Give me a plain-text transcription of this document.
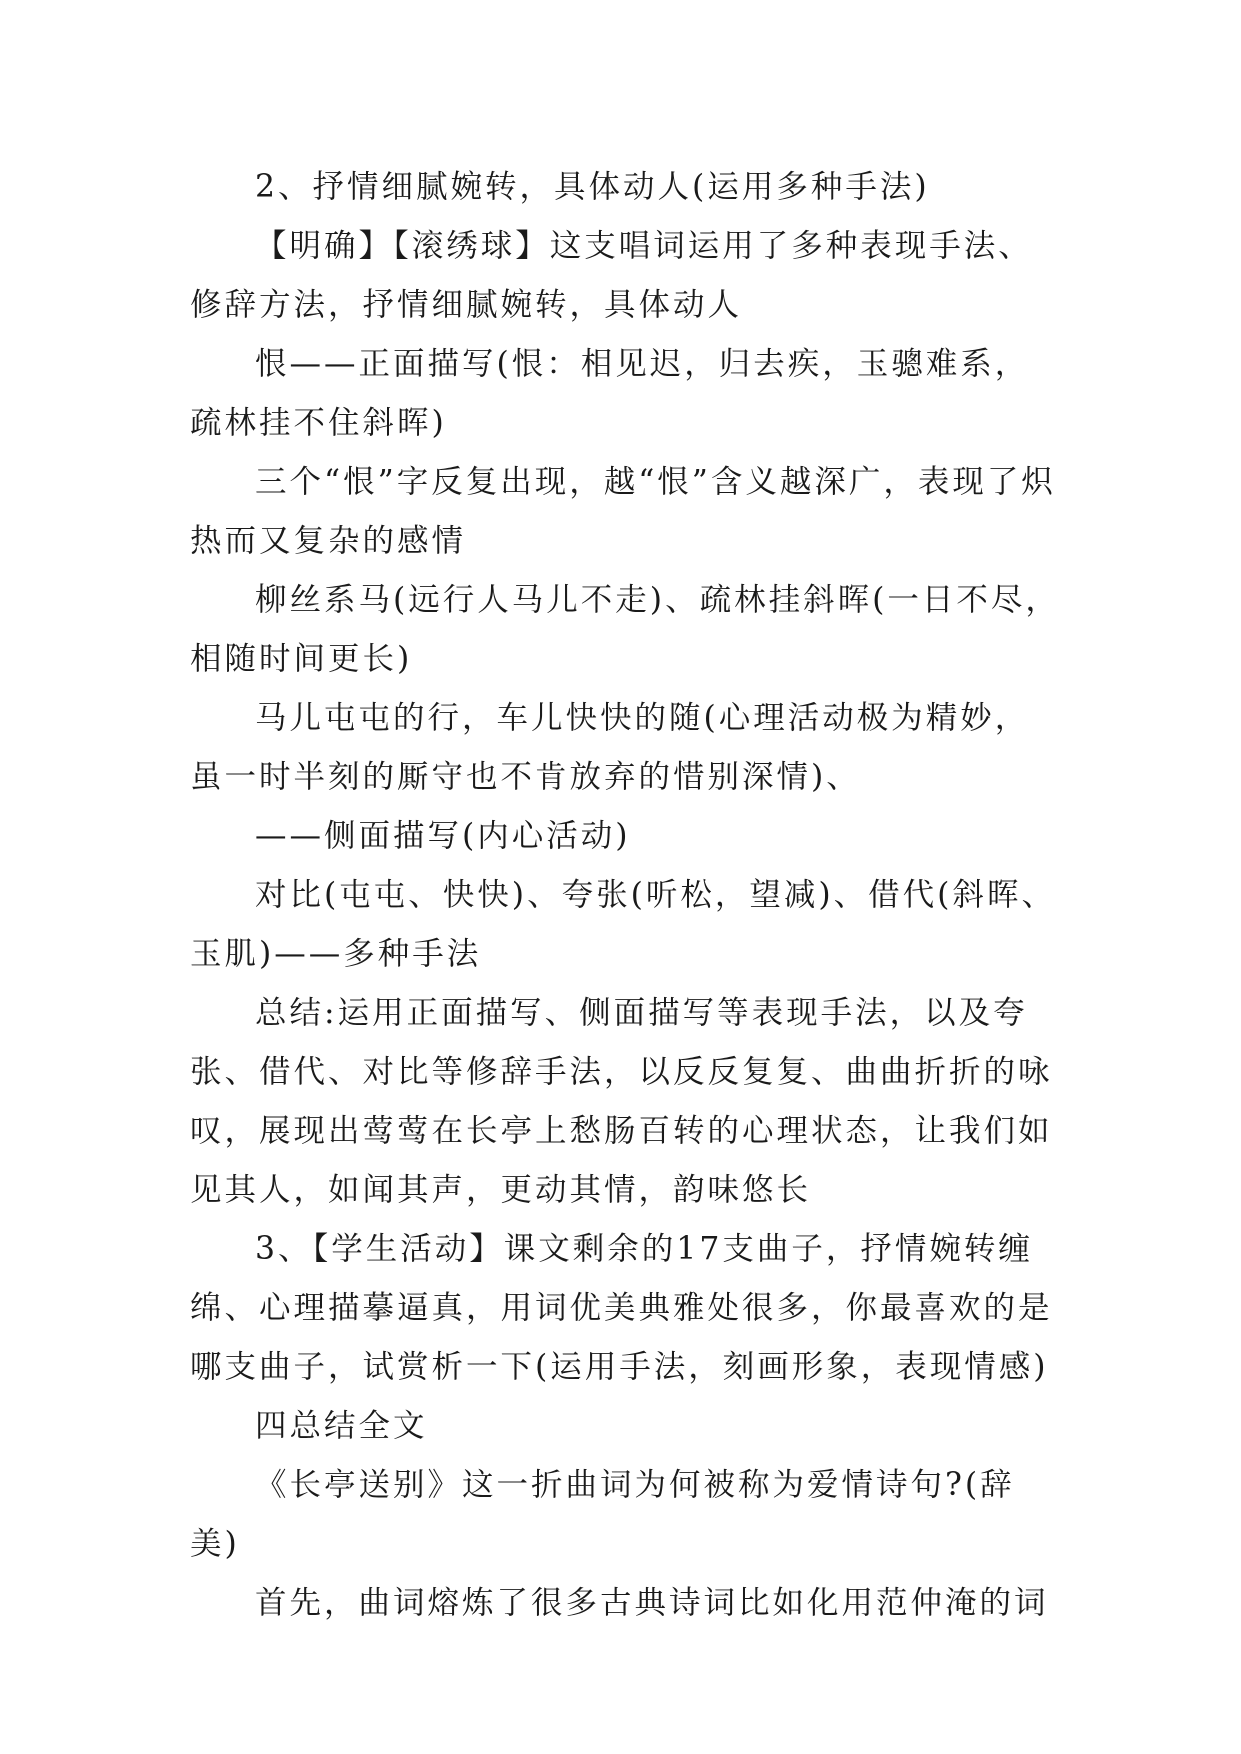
2、抒情细腻婉转，具体动人(运用多种手法)

【明确】【滚绣球】这支唱词运用了多种表现手法、修辞方法，抒情细腻婉转，具体动人

恨——正面描写(恨：相见迟，归去疾，玉骢难系，疏林挂不住斜晖)

三个“恨”字反复出现，越“恨”含义越深广，表现了炽热而又复杂的感情

柳丝系马(远行人马儿不走)、疏林挂斜晖(一日不尽，相随时间更长)

马儿屯屯的行，车儿快快的随(心理活动极为精妙，虽一时半刻的厮守也不肯放弃的惜别深情)、

——侧面描写(内心活动)

对比(屯屯、快快)、夸张(听松，望减)、借代(斜晖、玉肌)——多种手法

总结:运用正面描写、侧面描写等表现手法，以及夸张、借代、对比等修辞手法，以反反复复、曲曲折折的咏叹，展现出莺莺在长亭上愁肠百转的心理状态，让我们如见其人，如闻其声，更动其情，韵味悠长

3、【学生活动】课文剩余的17支曲子，抒情婉转缠绵、心理描摹逼真，用词优美典雅处很多，你最喜欢的是哪支曲子，试赏析一下(运用手法，刻画形象，表现情感)

四总结全文

《长亭送别》这一折曲词为何被称为爱情诗句?(辞美)

首先，曲词熔炼了很多古典诗词比如化用范仲淹的词
